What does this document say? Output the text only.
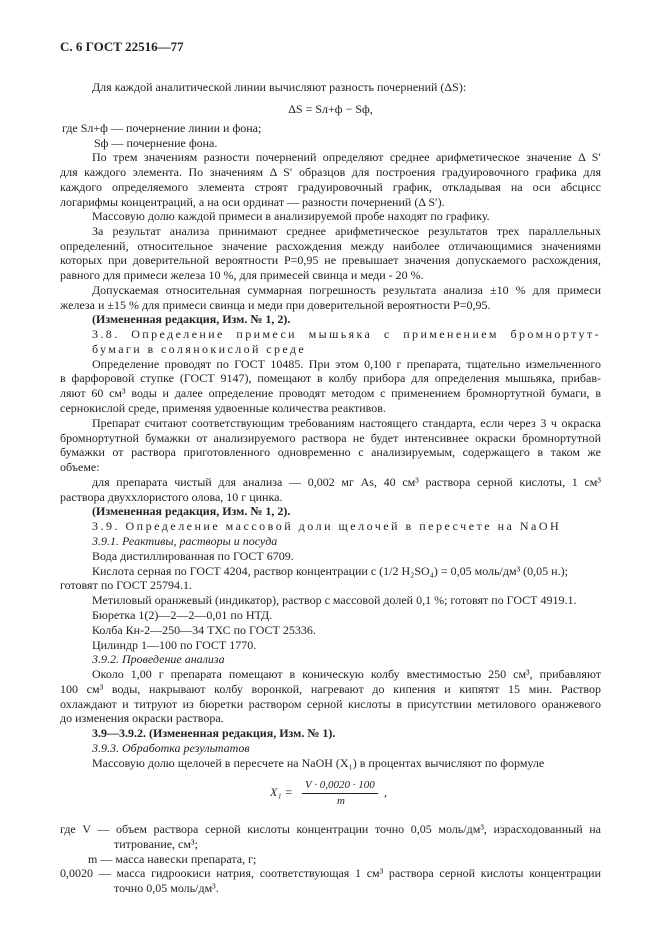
С. 6 ГОСТ 22516—77
Для каждой аналитической линии вычисляют разность почернений (ΔS):
ΔS = Sл+ф − Sф,
где Sл+ф — почернение линии и фона;
Sф — почернение фона.
По трем значениям разности почернений определяют среднее арифметическое значение Δ S′
для каждого элемента. По значениям Δ S′ образцов для построения градуировочного графика для
каждого определяемого элемента строят градуировочный график, откладывая на оси абсцисс
логарифмы концентраций, а на оси ординат — разности почернений (Δ S′).
Массовую долю каждой примеси в анализируемой пробе находят по графику.
За результат анализа принимают среднее арифметическое результатов трех параллельных
определений, относительное значение расхождения между наиболее отличающимися значениями
которых при доверительной вероятности P=0,95 не превышает значения допускаемого расхождения,
равного для примеси железа 10 %, для примесей свинца и меди - 20 %.
Допускаемая относительная суммарная погрешность результата анализа ±10 % для примеси
железа и ±15 % для примеси свинца и меди при доверительной вероятности P=0,95.
(Измененная редакция, Изм. № 1, 2).
3.8. Определение примеси мышьяка с применением бромнортут-
бумаги в солянокислой среде
Определение проводят по ГОСТ 10485. При этом 0,100 г препарата, тщательно измельченного
в фарфоровой ступке (ГОСТ 9147), помещают в колбу прибора для определения мышьяка, прибав-
ляют 60 см³ воды и далее определение проводят методом с применением бромнортутной бумаги, в
сернокислой среде, применяя удвоенные количества реактивов.
Препарат считают соответствующим требованиям настоящего стандарта, если через 3 ч окраска
бромнортутной бумажки от анализируемого раствора не будет интенсивнее окраски бромнортутной
бумажки от раствора приготовленного одновременно с анализируемым, содержащего в таком же
объеме:
для препарата чистый для анализа — 0,002 мг As, 40 см³ раствора серной кислоты, 1 см³
раствора двуххлористого олова, 10 г цинка.
(Измененная редакция, Изм. № 1, 2).
3.9. Определение массовой доли щелочей в пересчете на NaOH
3.9.1. Реактивы, растворы и посуда
Вода дистиллированная по ГОСТ 6709.
Кислота серная по ГОСТ 4204, раствор концентрации c (1/2 H₂SO₄) = 0,05 моль/дм³ (0,05 н.);
готовят по ГОСТ 25794.1.
Метиловый оранжевый (индикатор), раствор с массовой долей 0,1 %; готовят по ГОСТ 4919.1.
Бюретка 1(2)—2—2—0,01 по НТД.
Колба Кн-2—250—34 ТХС по ГОСТ 25336.
Цилиндр 1—100 по ГОСТ 1770.
3.9.2. Проведение анализа
Около 1,00 г препарата помещают в коническую колбу вместимостью 250 см³, прибавляют
100 см³ воды, накрывают колбу воронкой, нагревают до кипения и кипятят 15 мин. Раствор
охлаждают и титруют из бюретки раствором серной кислоты в присутствии метилового оранжевого
до изменения окраски раствора.
3.9—3.9.2. (Измененная редакция, Изм. № 1).
3.9.3. Обработка результатов
Массовую долю щелочей в пересчете на NaOH (X₁) в процентах вычисляют по формуле
X₁ = V · 0,0020 · 100
m
,
где V — объем раствора серной кислоты концентрации точно 0,05 моль/дм³, израсходованный на
титрование, см³;
m — масса навески препарата, г;
0,0020 — масса гидроокиси натрия, соответствующая 1 см³ раствора серной кислоты концентрации
точно 0,05 моль/дм³.
